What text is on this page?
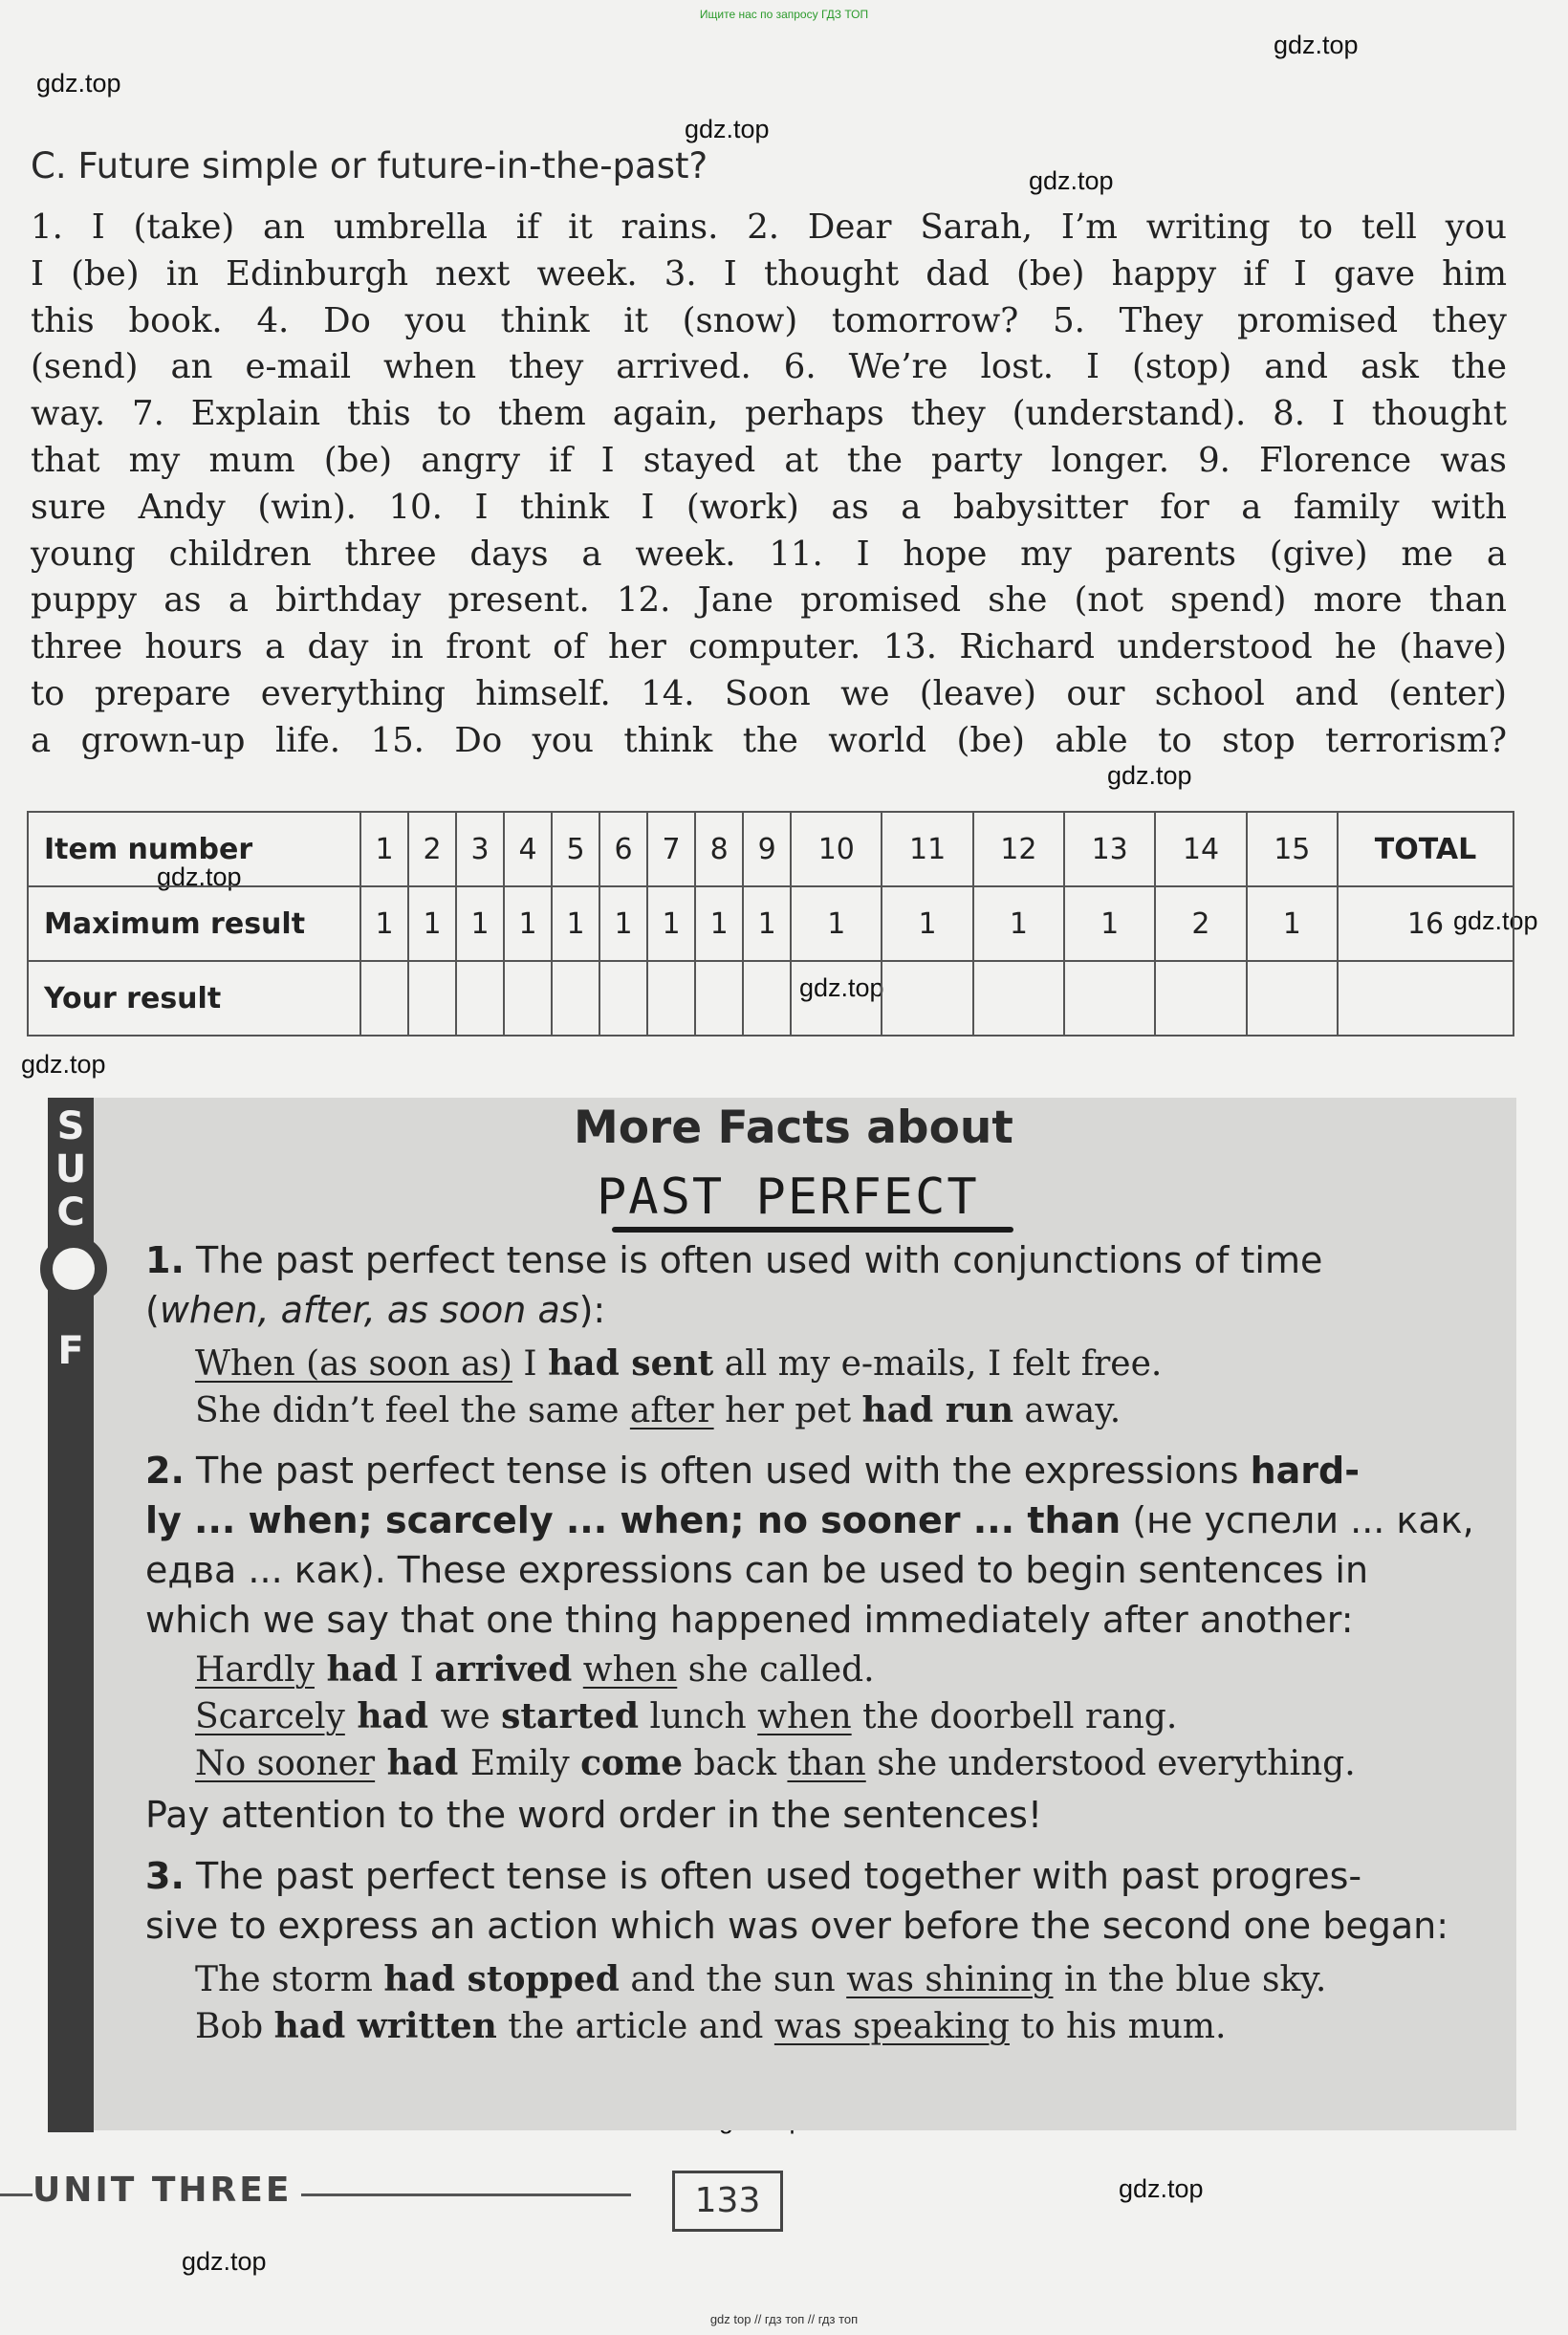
Ищите нас по запросу ГДЗ ТОП
gdz.top
gdz.top
gdz.top
gdz.top
gdz.top
gdz.top
gdz.top
gdz.top
gdz.top
gdz.top
gdz.top
C. Future simple or future-in-the-past?
1. I (take) an umbrella if it rains. 2. Dear Sarah, I’m writing to tell you
I (be) in Edinburgh next week. 3. I thought dad (be) happy if I gave him
this book. 4. Do you think it (snow) tomorrow? 5. They promised they
(send) an e-mail when they arrived. 6. We’re lost. I (stop) and ask the
way. 7. Explain this to them again, perhaps they (understand). 8. I thought
that my mum (be) angry if I stayed at the party longer. 9. Florence was
sure Andy (win). 10. I think I (work) as a babysitter for a family with
young children three days a week. 11. I hope my parents (give) me a
puppy as a birthday present. 12. Jane promised she (not spend) more than
three hours a day in front of her computer. 13. Richard understood he (have)
to prepare everything himself. 14. Soon we (leave) our school and (enter)
a grown-up life. 15. Do you think the world (be) able to stop terrorism?
Item number	1	2	3	4	5	6	7	8	9	10	11	12	13	14	15	TOTAL
Maximum result	1	1	1	1	1	1	1	1	1	1	1	1	1	2	1	16
Your result																
F
C
U
S	More Facts about
PAST PERFECT
1. The past perfect tense is often used with conjunctions of time
(when, after, as soon as):
When (as soon as) I had sent all my e-mails, I felt free.
She didn’t feel the same after her pet had run away.
2. The past perfect tense is often used with the expressions hard-
ly ... when; scarcely ... when; no sooner ... than (не успели ... как,
едва ... как). These expressions can be used to begin sentences in
which we say that one thing happened immediately after another:
Hardly had I arrived when she called.
Scarcely had we started lunch when the doorbell rang.
No sooner had Emily come back than she understood everything.
Pay attention to the word order in the sentences!
3. The past perfect tense is often used together with past progres-
sive to express an action which was over before the second one began:
The storm had stopped and the sun was shining in the blue sky.
Bob had written the article and was speaking to his mum.
UNIT THREE	133
gdz top // гдз топ // гдз топ
